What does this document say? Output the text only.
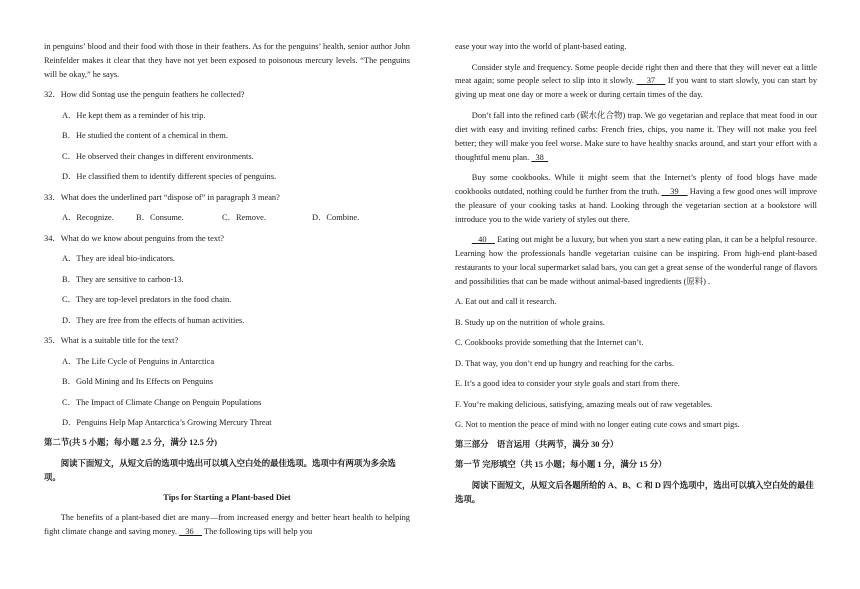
in penguins’ blood and their food with those in their feathers. As for the penguins’ health, senior author John Reinfelder makes it clear that they have not yet been exposed to poisonous mercury levels. “The penguins will be okay,” he says.

32．How did Sontag use the penguin feathers he collected?

A．He kept them as a reminder of his trip.

B．He studied the content of a chemical in them.

C．He observed their changes in different environments.

D．He classified them to identify different species of penguins.

33．What does the underlined part “dispose of” in paragraph 3 mean?

A．Recognize.	B．Consume.	C．Remove.	D．Combine.

34．What do we know about penguins from the text?

A．They are ideal bio-indicators.

B．They are sensitive to carbon-13.

C．They are top-level predators in the food chain.

D．They are free from the effects of human activities.

35．What is a suitable title for the text?

A．The Life Cycle of Penguins in Antarctica

B．Gold Mining and Its Effects on Penguins

C．The Impact of Climate Change on Penguin Populations

D．Penguins Help Map Antarctica’s Growing Mercury Threat

第二节(共 5 小题；每小题 2.5 分，满分 12.5 分)

阅读下面短文，从短文后的选项中选出可以填入空白处的最佳选项。选项中有两项为多余选项。

Tips for Starting a Plant-based Diet

The benefits of a plant-based diet are many—from increased energy and better heart health to helping fight climate change and saving money.    36     The following tips will help you

ease your way into the world of plant-based eating.

Consider style and frequency. Some people decide right then and there that they will never eat a little meat again; some people select to slip into it slowly.     37     If you want to start slowly, you can start by giving up meat one day or more a week or during certain times of the day.

Don’t fall into the refined carb (碳水化合物) trap. We go vegetarian and replace that meat food in our diet with easy and inviting refined carbs: French fries, chips, you name it. They will not make you feel better; they will make you feel worse. Make sure to have healthy snacks around, and start your effort with a thoughtful menu plan.   38

Buy some cookbooks. While it might seem that the Internet’s plenty of food blogs have made cookbooks outdated, nothing could be further from the truth.     39     Having a few good ones will improve the pleasure of your cooking tasks at hand. Looking through the vegetarian section at a bookstore will introduce you to the wide variety of styles out there.

40     Eating out might be a luxury, but when you start a new eating plan, it can be a helpful resource. Learning how the professionals handle vegetarian cuisine can be inspiring. From high-end plant-based restaurants to your local supermarket salad bars, you can get a great sense of the wonderful range of flavors and possibilities that can be made without animal-based ingredients (原料) .

A. Eat out and call it research.

B. Study up on the nutrition of whole grains.

C. Cookbooks provide something that the Internet can’t.

D. That way, you don’t end up hungry and reaching for the carbs.

E. It’s a good idea to consider your style goals and start from there.

F. You’re making delicious, satisfying, amazing meals out of raw vegetables.

G. Not to mention the peace of mind with no longer eating cute cows and smart pigs.

第三部分　语言运用（共两节，满分 30 分）

第一节 完形填空（共 15 小题；每小题 1 分，满分 15 分）

阅读下面短文，从短文后各题所给的 A、B、C 和 D 四个选项中，选出可以填入空白处的最佳选项。
